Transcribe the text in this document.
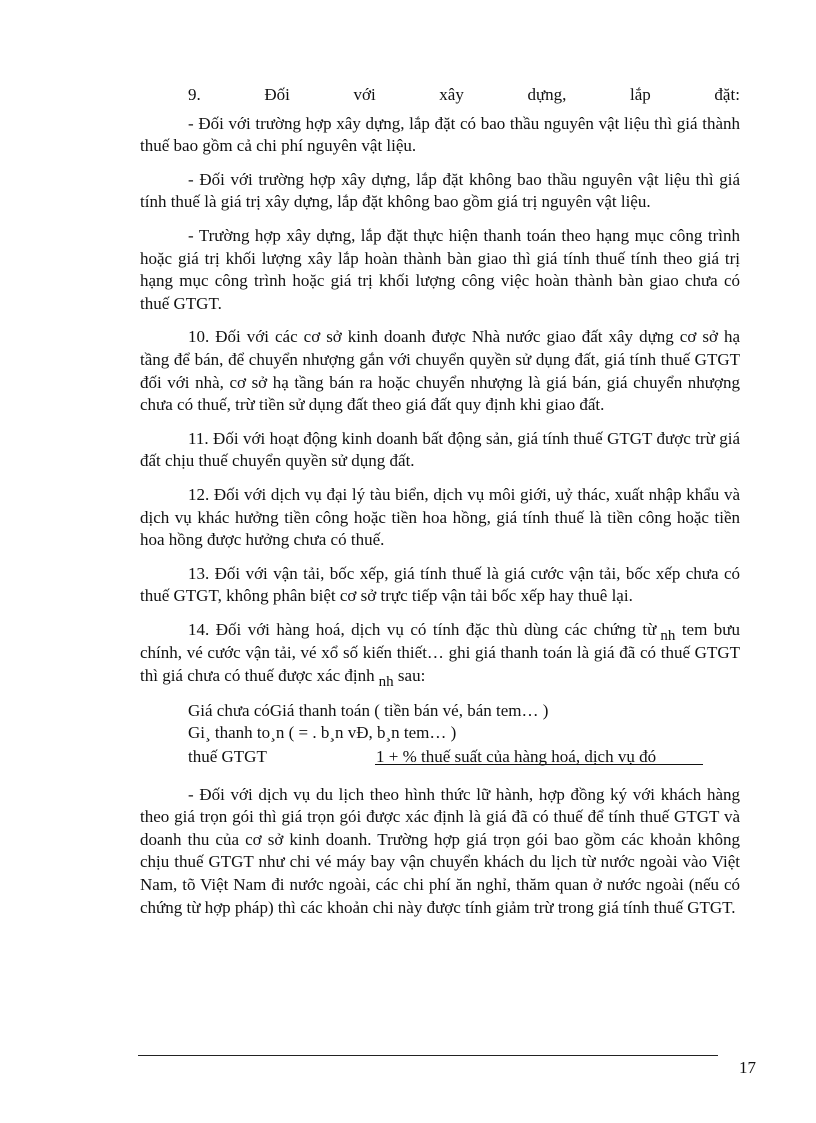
9.	Đối	với	xây	dựng,	lắp	đặt:

- Đối với trường hợp xây dựng, lắp đặt có bao thầu nguyên vật liệu thì giá thành thuế bao gồm cả chi phí nguyên vật liệu.

- Đối với trường hợp xây dựng, lắp đặt không bao thầu nguyên vật liệu thì giá tính thuế là giá trị xây dựng, lắp đặt không bao gồm giá trị nguyên vật liệu.

- Trường hợp xây dựng, lắp đặt thực hiện thanh toán theo hạng mục công trình hoặc giá trị khối lượng xây lắp hoàn thành bàn giao thì giá tính thuế tính theo giá trị hạng mục công trình hoặc giá trị khối lượng công việc hoàn thành bàn giao chưa có thuế GTGT.

10. Đối với các cơ sở kinh doanh được Nhà nước giao đất xây dựng cơ sở hạ tầng để bán, để chuyển nhượng gắn với chuyển quyền sử dụng đất, giá tính thuế GTGT đối với nhà, cơ sở hạ tầng bán ra hoặc chuyển nhượng là giá bán, giá chuyển nhượng chưa có thuế, trừ tiền sử dụng đất theo giá đất quy định khi giao đất.

11. Đối với hoạt động kinh doanh bất động sản, giá tính thuế GTGT được trừ giá đất chịu thuế chuyển quyền sử dụng đất.

12. Đối với dịch vụ đại lý tàu biển, dịch vụ môi giới, uỷ thác, xuất nhập khẩu và dịch vụ khác hưởng tiền công hoặc tiền hoa hồng, giá tính thuế là tiền công hoặc tiền hoa hồng được hưởng chưa có thuế.

13. Đối với vận tải, bốc xếp, giá tính thuế là giá cước vận tải, bốc xếp chưa có thuế GTGT, không phân biệt cơ sở trực tiếp vận tải bốc xếp hay thuê lại.

14. Đối với hàng hoá, dịch vụ có tính đặc thù dùng các chứng từ nh tem bưu chính, vé cước vận tải, vé xổ số kiến thiết… ghi giá thanh toán là giá đã có thuế GTGT thì giá chưa có thuế được xác định nh sau:

Giá chưa cóGiá thanh toán ( tiền bán vé, bán tem… )
Gi¸ thanh to¸n ( = . b¸n vÐ, b¸n tem… )
thuế GTGT	1 + % thuế suất của hàng hoá, dịch vụ đó

- Đối với dịch vụ du lịch theo hình thức lữ hành, hợp đồng ký với khách hàng theo giá trọn gói thì giá trọn gói được xác định là giá đã có thuế để tính thuế GTGT và doanh thu của cơ sở kinh doanh. Trường hợp giá trọn gói bao gồm các khoản không chịu thuế GTGT như chi vé máy bay vận chuyển khách du lịch từ nước ngoài vào Việt Nam, tõ Việt Nam đi nước ngoài, các chi phí ăn nghỉ, thăm quan ở nước ngoài (nếu có chứng từ hợp pháp) thì các khoản chi này được tính giảm trừ trong giá tính thuế GTGT.

17
